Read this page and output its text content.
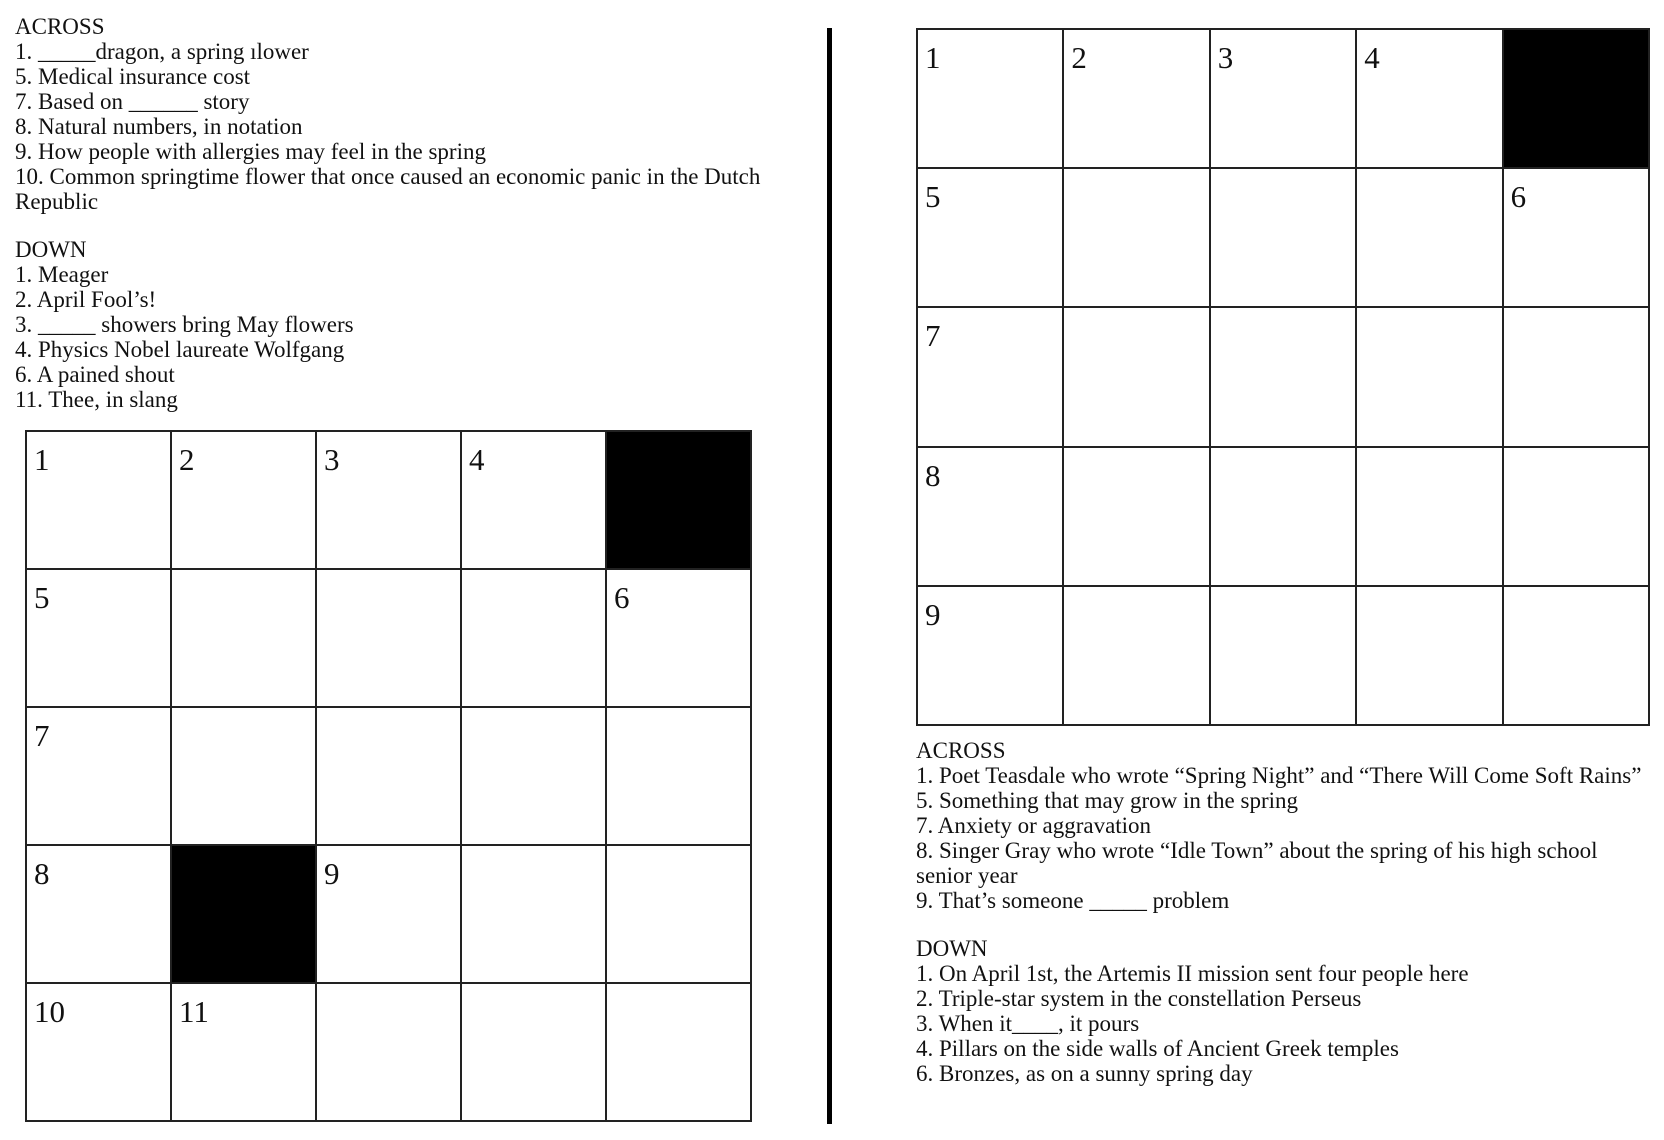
ACROSS
1. _____dragon, a spring ılower
5. Medical insurance cost
7. Based on ______ story
8. Natural numbers, in notation
9. How people with allergies may feel in the spring
10. Common springtime flower that once caused an economic panic in the Dutch Republic
DOWN
1. Meager
2. April Fool’s!
3. _____ showers bring May flowers
4. Physics Nobel laureate Wolfgang
6. A pained shout
11. Thee, in slang
1	2	3	4
5	6
7
8	9
10	11
1	2	3	4
5	6
7
8
9
ACROSS
1. Poet Teasdale who wrote “Spring Night” and “There Will Come Soft Rains”
5. Something that may grow in the spring
7. Anxiety or aggravation
8. Singer Gray who wrote “Idle Town” about the spring of his high school senior year
9. That’s someone _____ problem
DOWN
1. On April 1st, the Artemis II mission sent four people here
2. Triple-star system in the constellation Perseus
3. When it____, it pours
4. Pillars on the side walls of Ancient Greek temples
6. Bronzes, as on a sunny spring day
